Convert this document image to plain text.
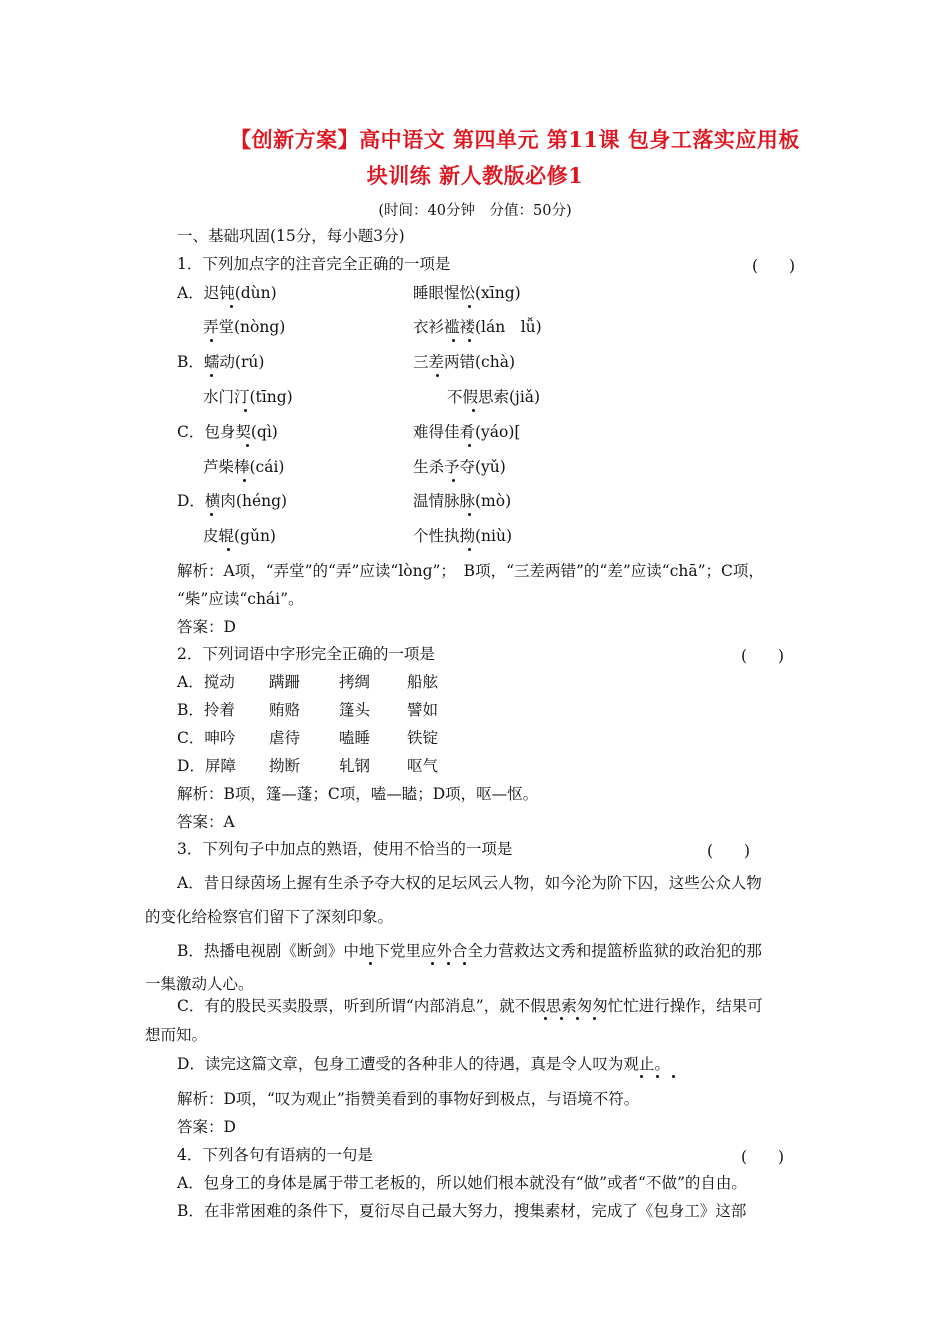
【创新方案】高中语文 第四单元 第11课 包身工落实应用板
块训练 新人教版必修1
(时间：40分钟　分值：50分)
一、基础巩固(15分，每小题3分)
1．下列加点字的注音完全正确的一项是	(　　)
A．迟钝(dùn)	睡眼惺忪(xīng)
弄堂(nòng)	衣衫褴褛(lán　lǚ)
B．蠕动(rú)	三差两错(chà)
水门汀(tīng)	不假思索(jiǎ)
C．包身契(qì)	难得佳肴(yáo)[
芦柴棒(cái)	生杀予夺(yǔ)
D．横肉(héng)	温情脉脉(mò)
皮辊(gǔn)	个性执拗(niù)
解析：A项，“弄堂”的“弄”应读“lònɡ”；　B项，“三差两错”的“差”应读“chā”；C项，
“柴”应读“chái”。
答案：D
2．下列词语中字形完全正确的一项是	(　　)
A．搅动 蹒跚	拷绸 船舷
B．拎着 贿赂	篷头 譬如
C．呻吟 虐待	嗑睡 铁锭
D．屏障 拗断	轧钢 呕气
解析：B项，篷—蓬；C项，嗑—瞌；D项，呕—怄。
答案：A
3．下列句子中加点的熟语，使用不恰当的一项是	(　　)
A．昔日绿茵场上握有生杀予夺大权的足坛风云人物，如今沦为阶下囚，这些公众人物
的变化给检察官们留下了深刻印象。
B．热播电视剧《断剑》中地下党里应外合全力营救达文秀和提篮桥监狱的政治犯的那
一集激动人心。
C．有的股民买卖股票，听到所谓“内部消息”，就不假思索匆匆忙忙进行操作，结果可
想而知。
D．读完这篇文章，包身工遭受的各种非人的待遇，真是令人叹为观止。
解析：D项，“叹为观止”指赞美看到的事物好到极点，与语境不符。
答案：D
4．下列各句有语病的一句是	(　　)
A．包身工的身体是属于带工老板的，所以她们根本就没有“做”或者“不做”的自由。
B．在非常困难的条件下，夏衍尽自己最大努力，搜集素材，完成了《包身工》这部
